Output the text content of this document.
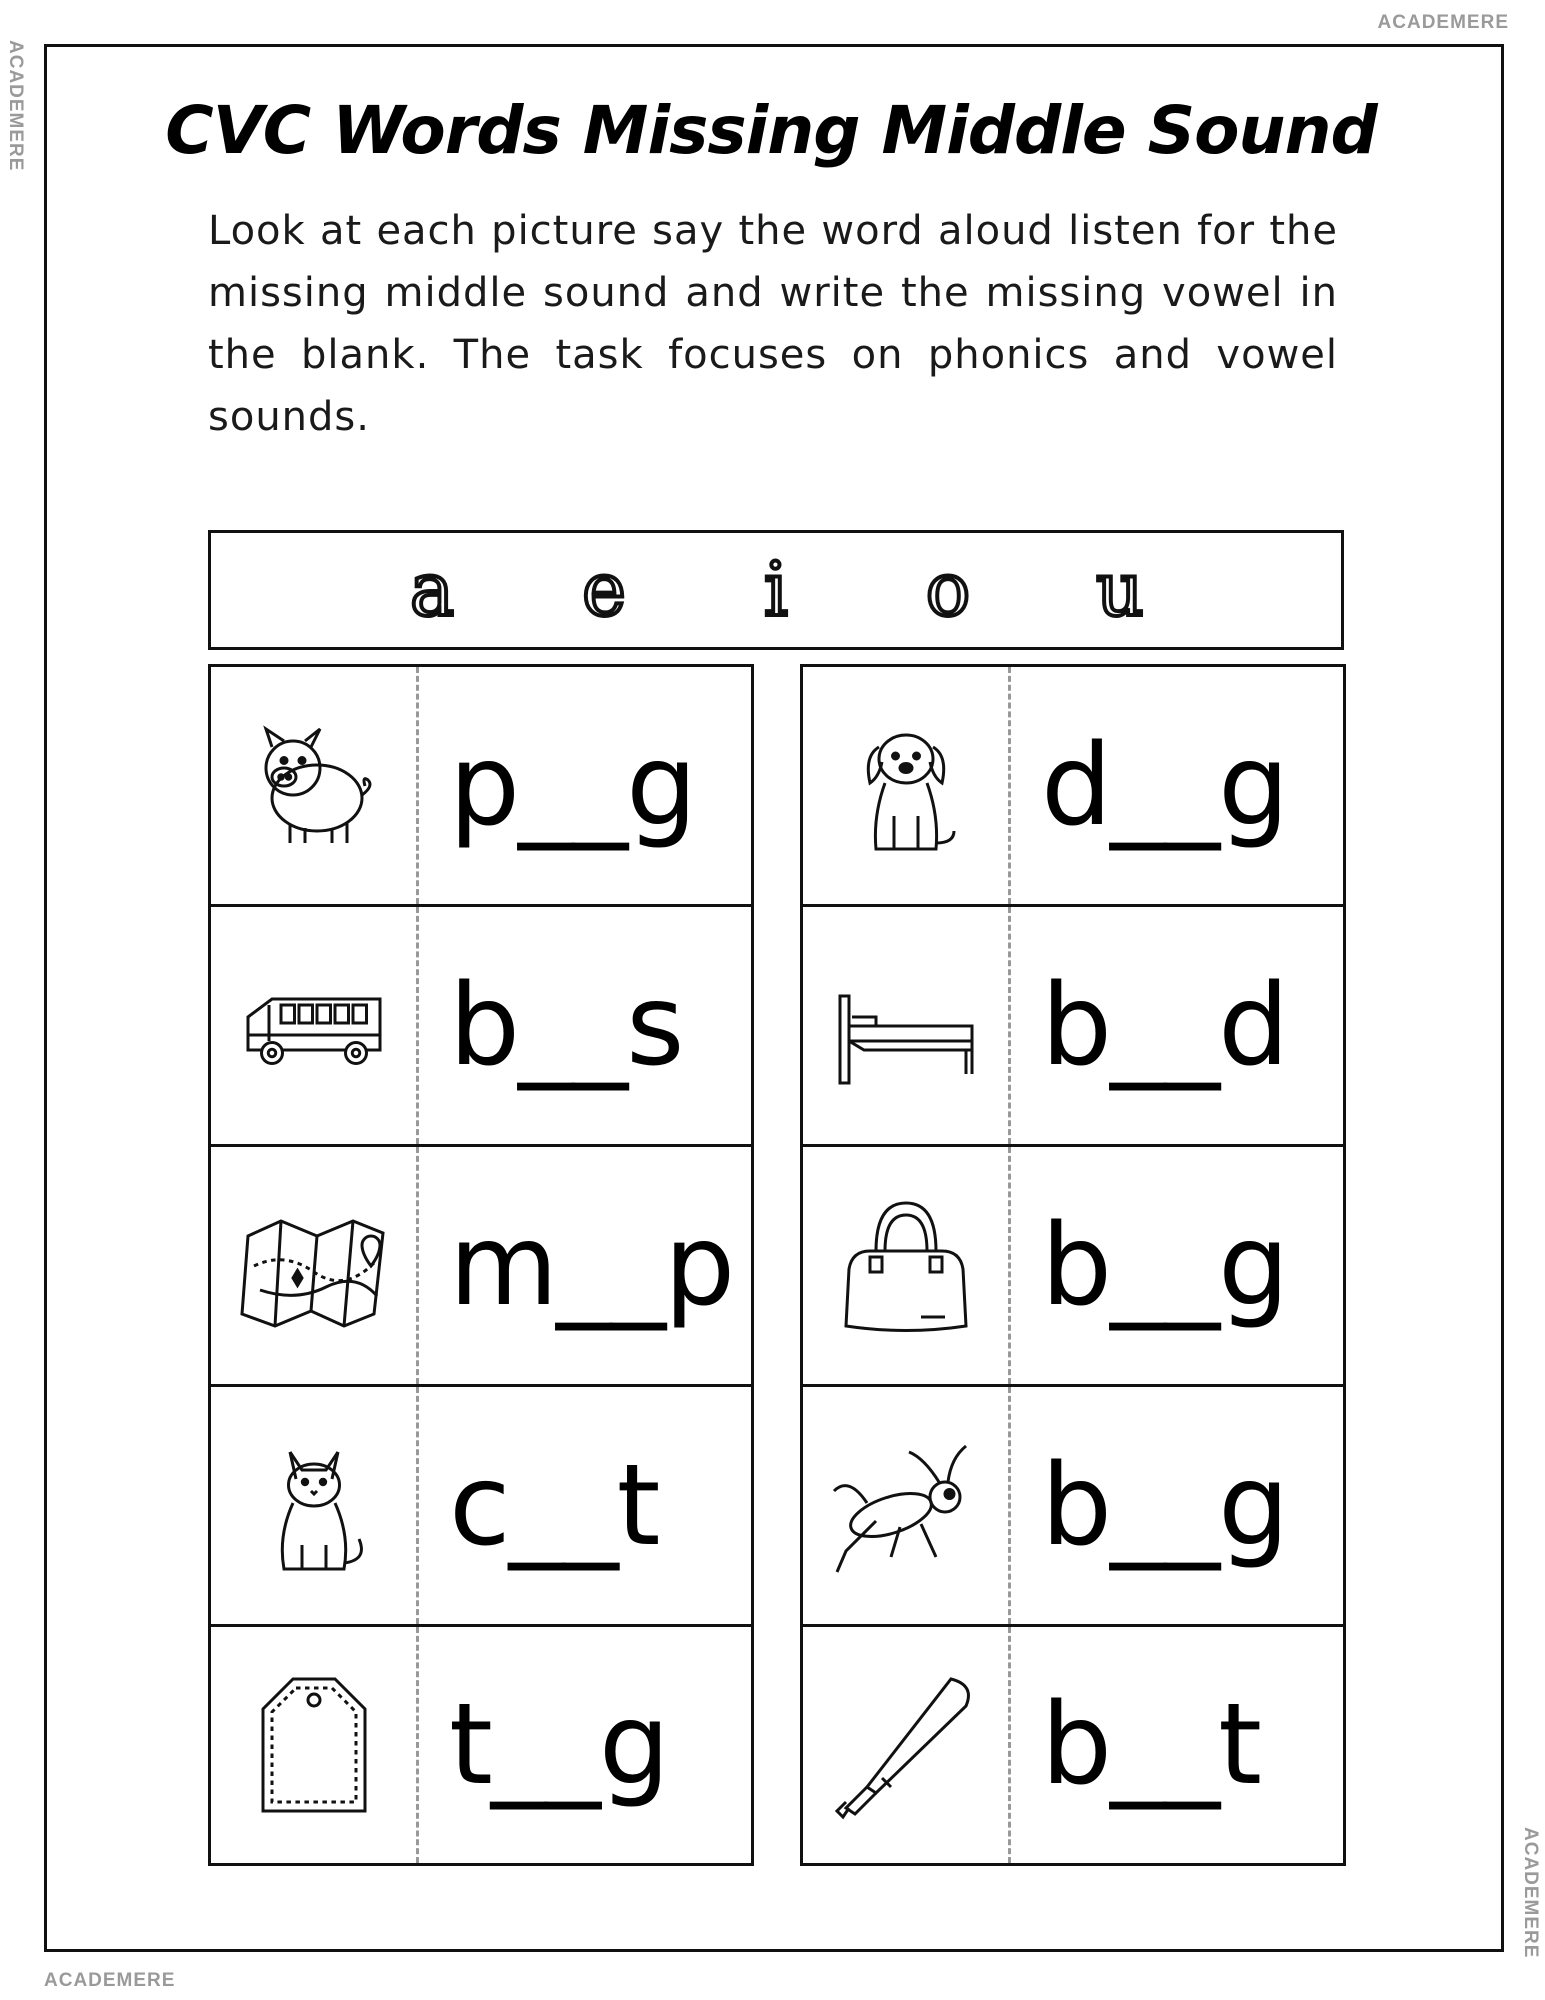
ACADEMERE
ACADEMERE
ACADEMERE
ACADEMERE
CVC Words Missing Middle Sound

Look at each picture say the word aloud listen for the missing middle sound and write the missing vowel in the blank. The task focuses on phonics and vowel sounds.

a	e	i	o	u
p__g
b__s
m__p
c__t
t__g
d__g
b__d
b__g
b__g
b__t
